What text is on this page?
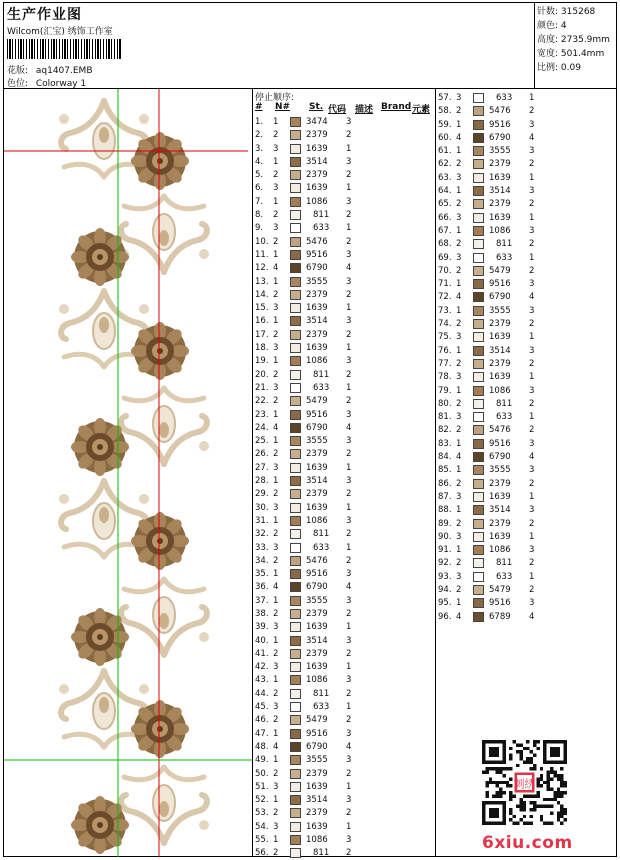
生产作业图
Wilcom(汇宝) 绣饰工作室
花版: aq1407.EMB
色位: Colorway 1
针数: 315268
颜色: 4
高度: 2735.9mm
宽度: 501.4mm
比例: 0.09
停止顺序:
# N# St. 代码 描述 Brand 元素
1. 1	3474 3
2. 2	2379 2
3. 3	1639 1
4. 1	3514 3
5. 2	2379 2
6. 3	1639 1
7. 1	1086 3
8. 2	811 2
9. 3	633 1
10. 2	5476 2
11. 1	9516 3
12. 4	6790 4
13. 1	3555 3
14. 2	2379 2
15. 3	1639 1
16. 1	3514 3
17. 2	2379 2
18. 3	1639 1
19. 1	1086 3
20. 2	811 2
21. 3	633 1
22. 2	5479 2
23. 1	9516 3
24. 4	6790 4
25. 1	3555 3
26. 2	2379 2
27. 3	1639 1
28. 1	3514 3
29. 2	2379 2
30. 3	1639 1
31. 1	1086 3
32. 2	811 2
33. 3	633 1
34. 2	5476 2
35. 1	9516 3
36. 4	6790 4
37. 1	3555 3
38. 2	2379 2
39. 3	1639 1
40. 1	3514 3
41. 2	2379 2
42. 3	1639 1
43. 1	1086 3
44. 2	811 2
45. 3	633 1
46. 2	5479 2
47. 1	9516 3
48. 4	6790 4
49. 1	3555 3
50. 2	2379 2
51. 3	1639 1
52. 1	3514 3
53. 2	2379 2
54. 3	1639 1
55. 1	1086 3
56. 2	811 2
57. 3	633 1
58. 2	5476 2
59. 1	9516 3
60. 4	6790 4
61. 1	3555 3
62. 2	2379 2
63. 3	1639 1
64. 1	3514 3
65. 2	2379 2
66. 3	1639 1
67. 1	1086 3
68. 2	811 2
69. 3	633 1
70. 2	5479 2
71. 1	9516 3
72. 4	6790 4
73. 1	3555 3
74. 2	2379 2
75. 3	1639 1
76. 1	3514 3
77. 2	2379 2
78. 3	1639 1
79. 1	1086 3
80. 2	811 2
81. 3	633 1
82. 2	5476 2
83. 1	9516 3
84. 4	6790 4
85. 1	3555 3
86. 2	2379 2
87. 3	1639 1
88. 1	3514 3
89. 2	2379 2
90. 3	1639 1
91. 1	1086 3
92. 2	811 2
93. 3	633 1
94. 2	5479 2
95. 1	9516 3
96. 4	6789 4
刺绣
6xiu.com
